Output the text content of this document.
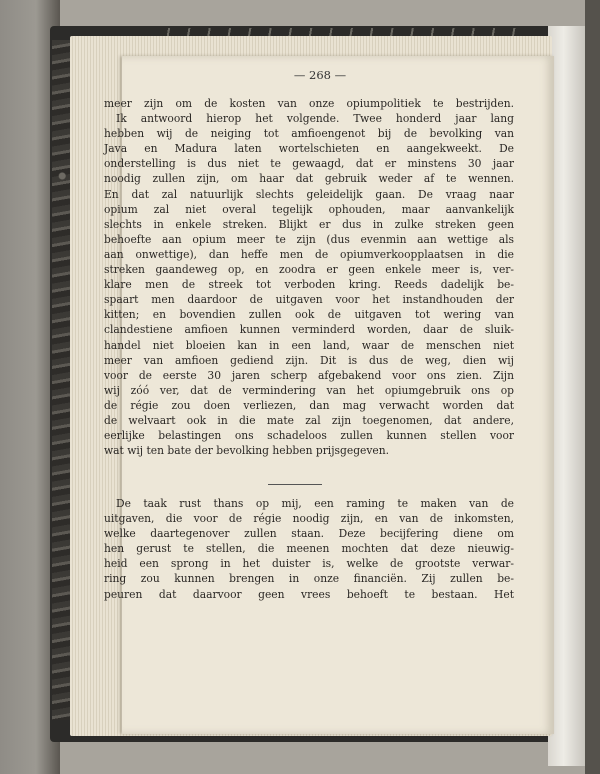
— 268 —
meer zijn om de kosten van onze opiumpolitiek te bestrijden.
Ik antwoord hierop het volgende. Twee honderd jaar lang
hebben wij de neiging tot amfioengenot bij de bevolking van
Java en Madura laten wortelschieten en aangekweekt. De
onderstelling is dus niet te gewaagd, dat er minstens 30 jaar
noodig zullen zijn, om haar dat gebruik weder af te wennen.
En dat zal natuurlijk slechts geleidelijk gaan. De vraag naar
opium zal niet overal tegelijk ophouden, maar aanvankelijk
slechts in enkele streken. Blijkt er dus in zulke streken geen
behoefte aan opium meer te zijn (dus evenmin aan wettige als
aan onwettige), dan heffe men de opiumverkoopplaatsen in die
streken gaandeweg op, en zoodra er geen enkele meer is, ver-
klare men de streek tot verboden kring. Reeds dadelijk be-
spaart men daardoor de uitgaven voor het instandhouden der
kitten; en bovendien zullen ook de uitgaven tot wering van
clandestiene amfioen kunnen verminderd worden, daar de sluik-
handel niet bloeien kan in een land, waar de menschen niet
meer van amfioen gediend zijn. Dit is dus de weg, dien wij
voor de eerste 30 jaren scherp afgebakend voor ons zien. Zijn
wij zóó ver, dat de vermindering van het opiumgebruik ons op
de régie zou doen verliezen, dan mag verwacht worden dat
de welvaart ook in die mate zal zijn toegenomen, dat andere,
eerlijke belastingen ons schadeloos zullen kunnen stellen voor
wat wij ten bate der bevolking hebben prijsgegeven.
De taak rust thans op mij, een raming te maken van de
uitgaven, die voor de régie noodig zijn, en van de inkomsten,
welke daartegenover zullen staan. Deze becijfering diene om
hen gerust te stellen, die meenen mochten dat deze nieuwig-
heid een sprong in het duister is, welke de grootste verwar-
ring zou kunnen brengen in onze financiën. Zij zullen be-
peuren dat daarvoor geen vrees behoeft te bestaan. Het
